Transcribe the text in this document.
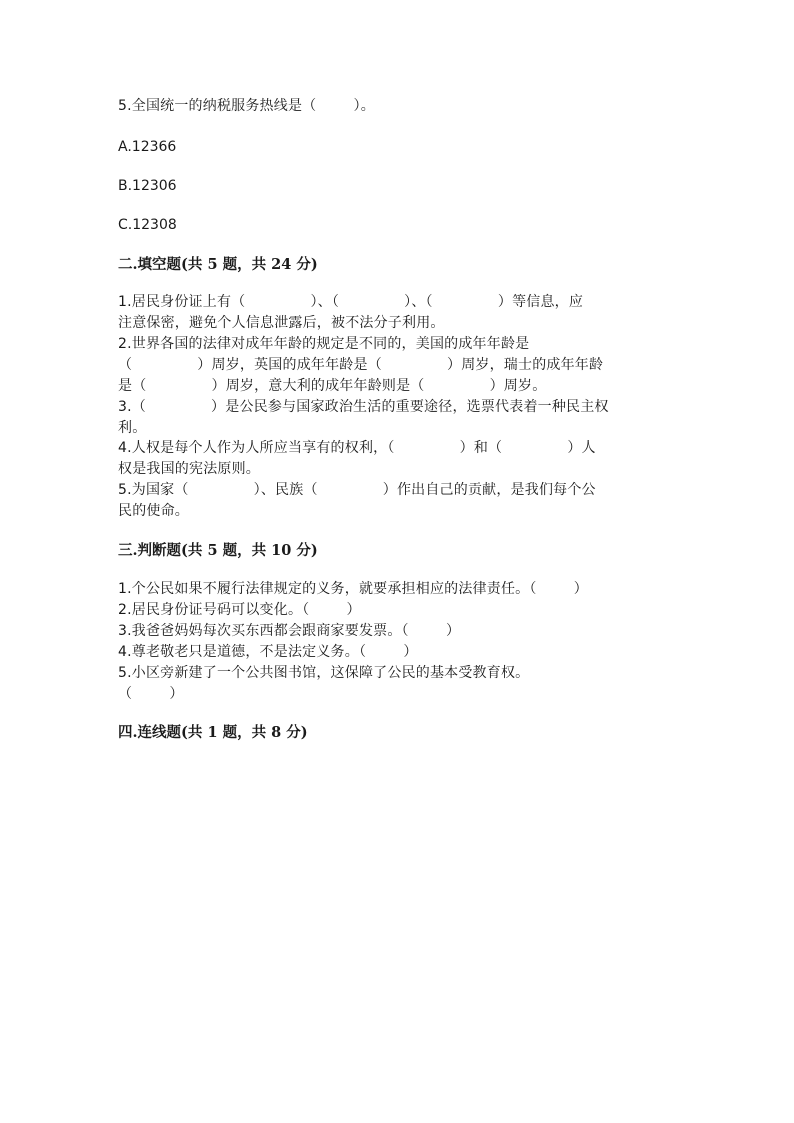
5.全国统一的纳税服务热线是（        ）。
A.12366
B.12306
C.12308
二.填空题(共 5 题，共 24 分)
1.居民身份证上有（              ）、（              ）、（              ）等信息，应
注意保密，避免个人信息泄露后，被不法分子利用。
2.世界各国的法律对成年年龄的规定是不同的，美国的成年年龄是
（              ）周岁，英国的成年年龄是（              ）周岁，瑞士的成年年龄
是（              ）周岁，意大利的成年年龄则是（              ）周岁。
3.（              ）是公民参与国家政治生活的重要途径，选票代表着一种民主权
利。
4.人权是每个人作为人所应当享有的权利，（              ）和（              ）人
权是我国的宪法原则。
5.为国家（              ）、民族（              ）作出自己的贡献，是我们每个公
民的使命。
三.判断题(共 5 题，共 10 分)
1.个公民如果不履行法律规定的义务，就要承担相应的法律责任。（        ）
2.居民身份证号码可以变化。（        ）
3.我爸爸妈妈每次买东西都会跟商家要发票。（        ）
4.尊老敬老只是道德，不是法定义务。（        ）
5.小区旁新建了一个公共图书馆，这保障了公民的基本受教育权。
（        ）
四.连线题(共 1 题，共 8 分)
